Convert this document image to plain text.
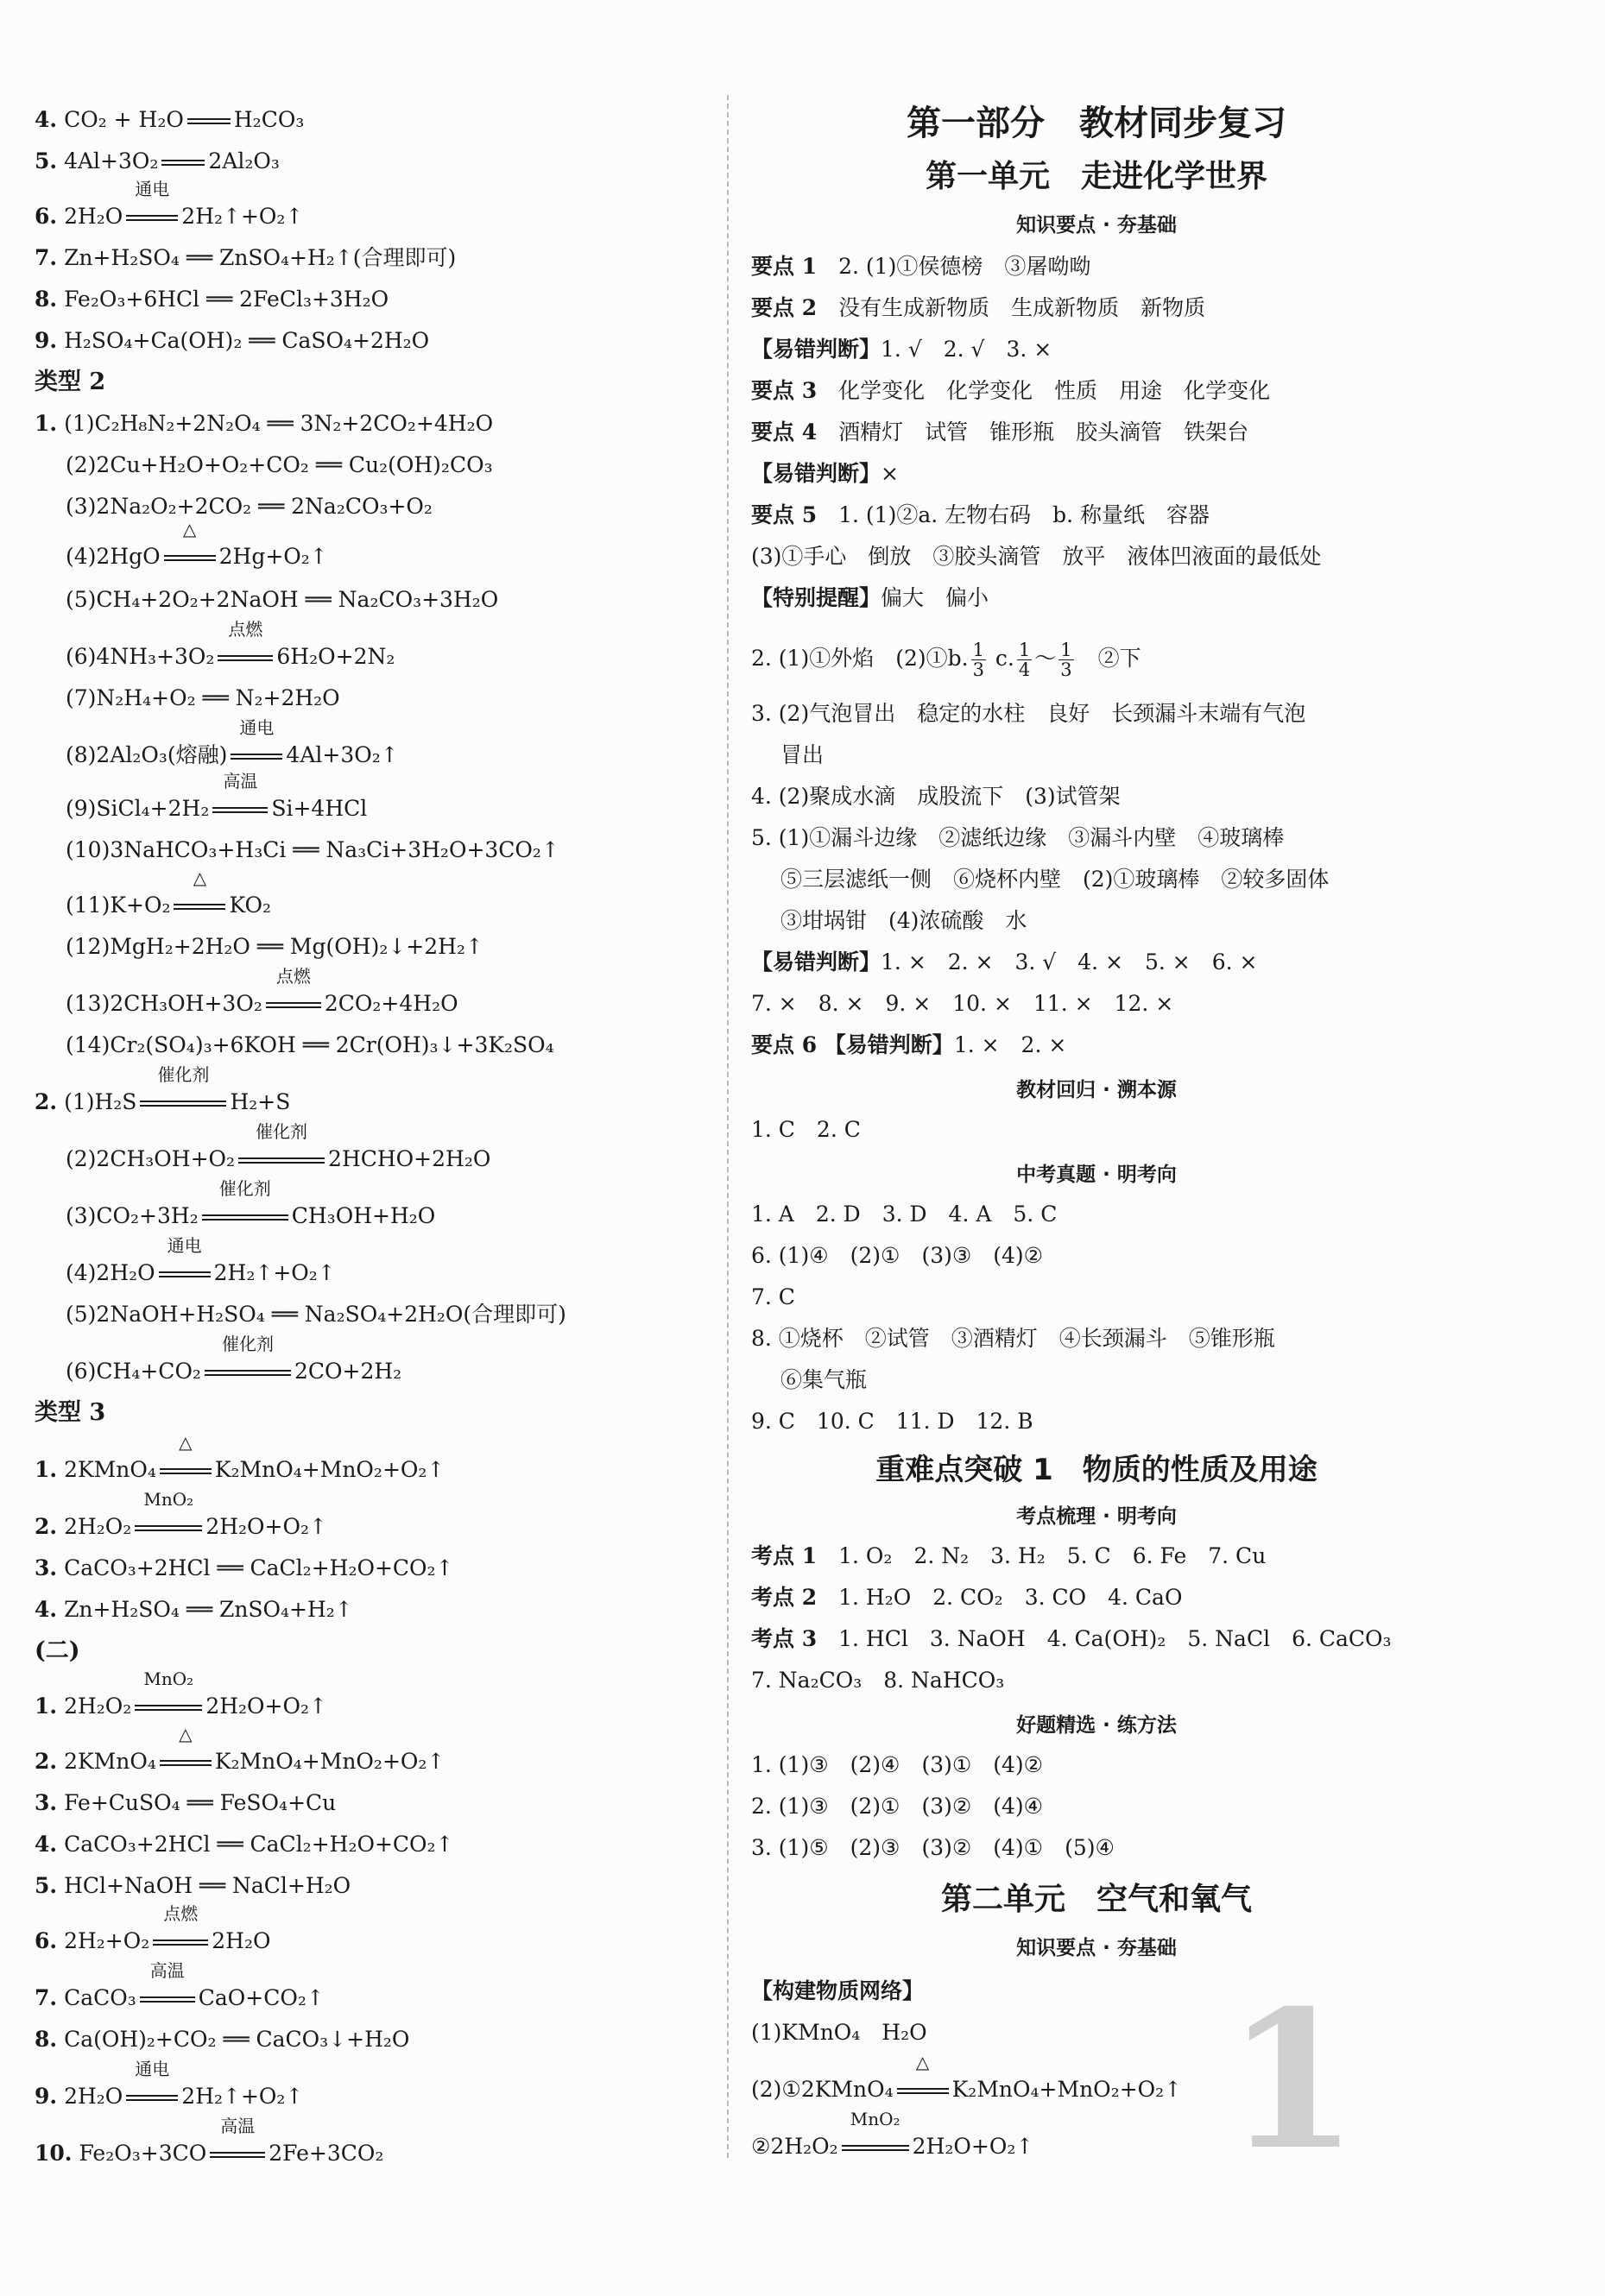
4. CO₂ + H₂O H₂CO₃
5. 4Al+3O₂ 2Al₂O₃
6. 2H₂O
通电
2H₂↑+O₂↑
7. Zn+H₂SO₄ ══ ZnSO₄+H₂↑(合理即可)
8. Fe₂O₃+6HCl ══ 2FeCl₃+3H₂O
9. H₂SO₄+Ca(OH)₂ ══ CaSO₄+2H₂O
类型 2
1. (1)C₂H₈N₂+2N₂O₄ ══ 3N₂+2CO₂+4H₂O
(2)2Cu+H₂O+O₂+CO₂ ══ Cu₂(OH)₂CO₃
(3)2Na₂O₂+2CO₂ ══ 2Na₂CO₃+O₂
(4)2HgO
△
2Hg+O₂↑
(5)CH₄+2O₂+2NaOH ══ Na₂CO₃+3H₂O
(6)4NH₃+3O₂
点燃
6H₂O+2N₂
(7)N₂H₄+O₂ ══ N₂+2H₂O
(8)2Al₂O₃(熔融)
通电
4Al+3O₂↑
(9)SiCl₄+2H₂
高温
Si+4HCl
(10)3NaHCO₃+H₃Ci ══ Na₃Ci+3H₂O+3CO₂↑
(11)K+O₂
△
KO₂
(12)MgH₂+2H₂O ══ Mg(OH)₂↓+2H₂↑
(13)2CH₃OH+3O₂
点燃
2CO₂+4H₂O
(14)Cr₂(SO₄)₃+6KOH ══ 2Cr(OH)₃↓+3K₂SO₄
2. (1)H₂S
催化剂
H₂+S
(2)2CH₃OH+O₂
催化剂
2HCHO+2H₂O
(3)CO₂+3H₂
催化剂
CH₃OH+H₂O
(4)2H₂O
通电
2H₂↑+O₂↑
(5)2NaOH+H₂SO₄ ══ Na₂SO₄+2H₂O(合理即可)
(6)CH₄+CO₂
催化剂
2CO+2H₂
类型 3
1. 2KMnO₄
△
K₂MnO₄+MnO₂+O₂↑
2. 2H₂O₂
MnO₂
2H₂O+O₂↑
3. CaCO₃+2HCl ══ CaCl₂+H₂O+CO₂↑
4. Zn+H₂SO₄ ══ ZnSO₄+H₂↑
(二)
1. 2H₂O₂
MnO₂
2H₂O+O₂↑
2. 2KMnO₄
△
K₂MnO₄+MnO₂+O₂↑
3. Fe+CuSO₄ ══ FeSO₄+Cu
4. CaCO₃+2HCl ══ CaCl₂+H₂O+CO₂↑
5. HCl+NaOH ══ NaCl+H₂O
6. 2H₂+O₂
点燃
2H₂O
7. CaCO₃
高温
CaO+CO₂↑
8. Ca(OH)₂+CO₂ ══ CaCO₃↓+H₂O
9. 2H₂O
通电
2H₂↑+O₂↑
10. Fe₂O₃+3CO
高温
2Fe+3CO₂
第一部分　教材同步复习
第一单元　走进化学世界
知识要点 · 夯基础
要点 1　 2. (1)①侯德榜　③屠呦呦
要点 2　 没有生成新物质　生成新物质　新物质
【易错判断】1. √　2. √　3. ×
要点 3　 化学变化　化学变化　性质　用途　化学变化
要点 4　 酒精灯　试管　锥形瓶　胶头滴管　铁架台
【易错判断】×
要点 5　 1. (1)②a. 左物右码　b. 称量纸　容器
(3)①手心　倒放　③胶头滴管　放平　液体凹液面的最低处
【特别提醒】偏大　偏小
2. (1)①外焰　(2)①b. $\frac{1}{3} c$. $\frac{1}{4}$ ～ $\frac{1}{3}$
　 ②下
3. (2)气泡冒出　稳定的水柱　良好　长颈漏斗末端有气泡
冒出
4. (2)聚成水滴　成股流下　(3)试管架
5. (1)①漏斗边缘　②滤纸边缘　③漏斗内壁　④玻璃棒
⑤三层滤纸一侧　⑥烧杯内壁　(2)①玻璃棒　②较多固体
③坩埚钳　(4)浓硫酸　水
【易错判断】1. ×　2. ×　3. √　4. ×　5. ×　6. ×
7. ×　8. ×　9. ×　10. ×　11. ×　12. ×
要点 6 【易错判断】1. ×　2. ×
教材回归 · 溯本源
1. C　2. C
中考真题 · 明考向
1. A　2. D　3. D　4. A　5. C
6. (1)④　(2)①　(3)③　(4)②
7. C
8. ①烧杯　②试管　③酒精灯　④长颈漏斗　⑤锥形瓶
⑥集气瓶
9. C　10. C　11. D　12. B
重难点突破 1　物质的性质及用途
考点梳理 · 明考向
考点 1　 1. O₂　2. N₂　3. H₂　5. C　6. Fe　7. Cu
考点 2　 1. H₂O　2. CO₂　3. CO　4. CaO
考点 3　 1. HCl　3. NaOH　4. Ca(OH)₂　5. NaCl　6. CaCO₃
7. Na₂CO₃　8. NaHCO₃
好题精选 · 练方法
1. (1)③　(2)④　(3)①　(4)②
2. (1)③　(2)①　(3)②　(4)④
3. (1)⑤　(2)③　(3)②　(4)①　(5)④
第二单元　空气和氧气
知识要点 · 夯基础
【构建物质网络】
(1)KMnO₄　H₂O
(2)①2KMnO₄
△
K₂MnO₄+MnO₂+O₂↑
②2H₂O₂
MnO₂
2H₂O+O₂↑ 1
